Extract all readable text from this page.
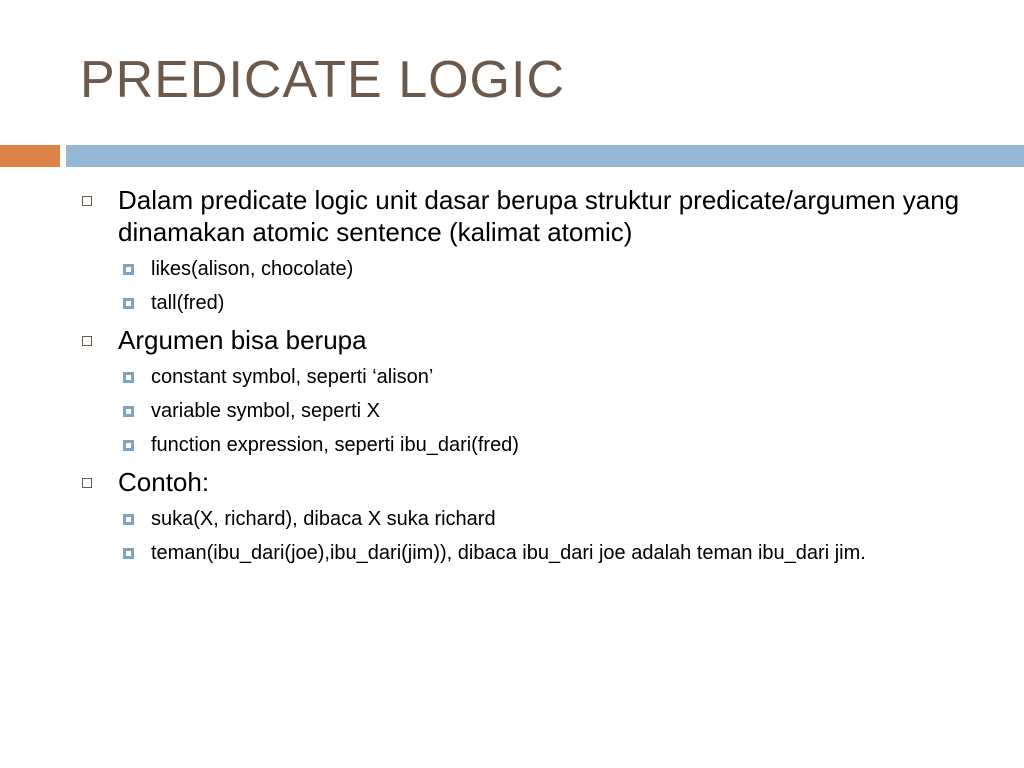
PREDICATE LOGIC
Dalam predicate logic unit dasar berupa struktur predicate/argumen yang dinamakan atomic sentence (kalimat atomic)
likes(alison, chocolate)
tall(fred)
Argumen bisa berupa
constant symbol, seperti ‘alison’
variable symbol, seperti X
function expression, seperti ibu_dari(fred)
Contoh:
suka(X, richard), dibaca X suka richard
teman(ibu_dari(joe),ibu_dari(jim)), dibaca ibu_dari joe adalah teman ibu_dari jim.
